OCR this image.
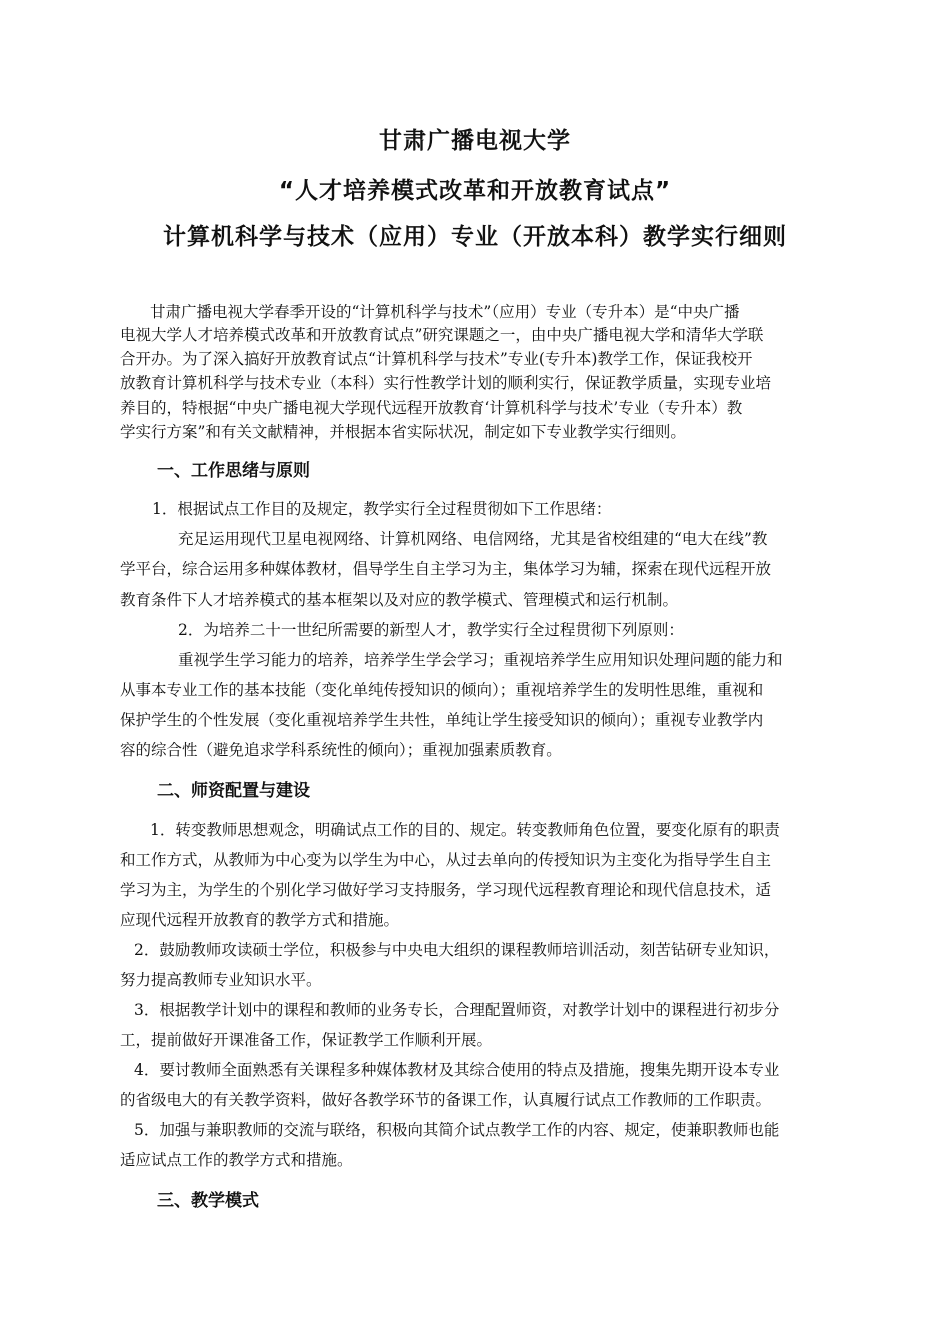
甘肃广播电视大学
“人才培养模式改革和开放教育试点”
计算机科学与技术（应用）专业（开放本科）教学实行细则
甘肃广播电视大学春季开设的“计算机科学与技术”（应用）专业（专升本）是“中央广播
电视大学人才培养模式改革和开放教育试点”研究课题之一，由中央广播电视大学和清华大学联
合开办。为了深入搞好开放教育试点“计算机科学与技术”专业(专升本)教学工作，保证我校开
放教育计算机科学与技术专业（本科）实行性教学计划的顺利实行，保证教学质量，实现专业培
养目的，特根据“中央广播电视大学现代远程开放教育‘计算机科学与技术’专业（专升本）教
学实行方案”和有关文献精神，并根据本省实际状况，制定如下专业教学实行细则。
一、工作思绪与原则
1．根据试点工作目的及规定，教学实行全过程贯彻如下工作思绪：
充足运用现代卫星电视网络、计算机网络、电信网络，尤其是省校组建的“电大在线”教
学平台，综合运用多种媒体教材，倡导学生自主学习为主，集体学习为辅，探索在现代远程开放
教育条件下人才培养模式的基本框架以及对应的教学模式、管理模式和运行机制。
2．为培养二十一世纪所需要的新型人才，教学实行全过程贯彻下列原则：
重视学生学习能力的培养，培养学生学会学习；重视培养学生应用知识处理问题的能力和
从事本专业工作的基本技能（变化单纯传授知识的倾向）；重视培养学生的发明性思维，重视和
保护学生的个性发展（变化重视培养学生共性，单纯让学生接受知识的倾向）；重视专业教学内
容的综合性（避免追求学科系统性的倾向）；重视加强素质教育。
二、师资配置与建设
1．转变教师思想观念，明确试点工作的目的、规定。转变教师角色位置，要变化原有的职责
和工作方式，从教师为中心变为以学生为中心，从过去单向的传授知识为主变化为指导学生自主
学习为主，为学生的个别化学习做好学习支持服务，学习现代远程教育理论和现代信息技术，适
应现代远程开放教育的教学方式和措施。
2．鼓励教师攻读硕士学位，积极参与中央电大组织的课程教师培训活动，刻苦钻研专业知识，
努力提高教师专业知识水平。
3．根据教学计划中的课程和教师的业务专长，合理配置师资，对教学计划中的课程进行初步分
工，提前做好开课准备工作，保证教学工作顺利开展。
4．要讨教师全面熟悉有关课程多种媒体教材及其综合使用的特点及措施，搜集先期开设本专业
的省级电大的有关教学资料，做好各教学环节的备课工作，认真履行试点工作教师的工作职责。
5．加强与兼职教师的交流与联络，积极向其简介试点教学工作的内容、规定，使兼职教师也能
适应试点工作的教学方式和措施。
三、教学模式
